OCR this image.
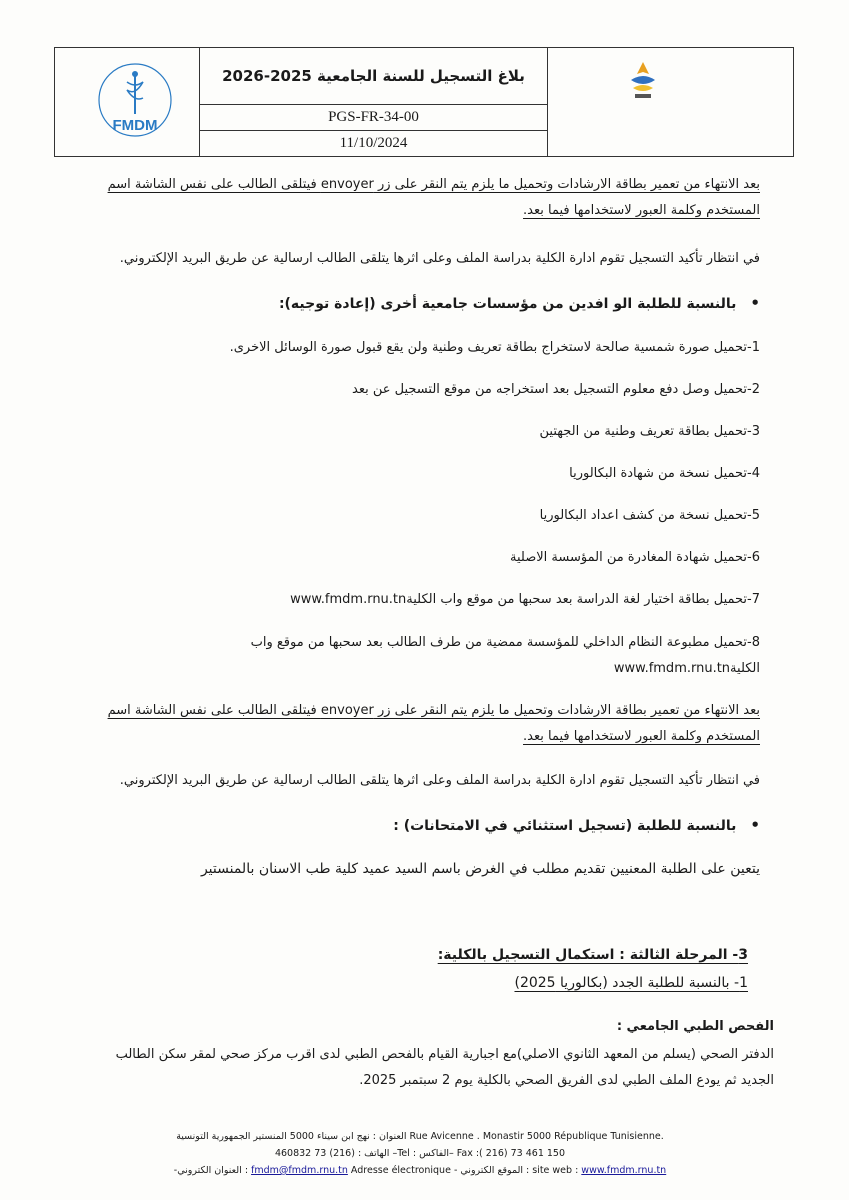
بلاغ التسجيل للسنة الجامعية 2025-2026
PGS-FR-34-00
11/10/2024
FMDM

بعد الانتهاء من تعمير بطاقة الارشادات وتحميل ما يلزم يتم النقر على زر envoyer فيتلقى الطالب على نفس الشاشة اسم

المستخدم وكلمة العبور لاستخدامها فيما بعد.

في انتظار تأكيد التسجيل تقوم ادارة الكلية بدراسة الملف وعلى اثرها يتلقى الطالب ارسالية عن طريق البريد الإلكتروني.

• بالنسبة للطلبة الو افدين من مؤسسات جامعية أخرى (إعادة توجيه):

1-تحميل صورة شمسية صالحة لاستخراج بطاقة تعريف وطنية ولن يقع قبول صورة الوسائل الاخرى.

2-تحميل وصل دفع معلوم التسجيل بعد استخراجه من موقع التسجيل عن بعد

3-تحميل بطاقة تعريف وطنية من الجهتين

4-تحميل نسخة من شهادة البكالوريا

5-تحميل نسخة من كشف اعداد البكالوريا

6-تحميل شهادة المغادرة من المؤسسة الاصلية

7-تحميل بطاقة اختيار لغة الدراسة بعد سحبها من موقع واب الكليةwww.fmdm.rnu.tn

8-تحميل مطبوعة النظام الداخلي للمؤسسة ممضية من طرف الطالب بعد سحبها من موقع واب

الكليةwww.fmdm.rnu.tn

بعد الانتهاء من تعمير بطاقة الارشادات وتحميل ما يلزم يتم النقر على زر envoyer فيتلقى الطالب على نفس الشاشة اسم

المستخدم وكلمة العبور لاستخدامها فيما بعد.

في انتظار تأكيد التسجيل تقوم ادارة الكلية بدراسة الملف وعلى اثرها يتلقى الطالب ارسالية عن طريق البريد الإلكتروني.

• بالنسبة للطلبة (تسجيل استثنائي في الامتحانات) :

يتعين على الطلبة المعنيين تقديم مطلب في الغرض باسم السيد عميد كلية طب الاسنان بالمنستير

3- المرحلة الثالثة : استكمال التسجيل بالكلية:

1- بالنسبة للطلبة الجدد (بكالوريا 2025)

الفحص الطبي الجامعي :

الدفتر الصحي (يسلم من المعهد الثانوي الاصلي)مع اجبارية القيام بالفحص الطبي لدى اقرب مركز صحي لمقر سكن الطالب

الجديد ثم يودع الملف الطبي لدى الفريق الصحي بالكلية يوم 2 سبتمبر 2025.

العنوان : نهج ابن سيناء 5000 المنستير الجمهورية التونسية Rue Avicenne . Monastir 5000 République Tunisienne.
الهاتف : (216) 73 460832 –Tel : الفاكس– Fax :( 216) 73 461 150
-العنوان الكتروني : fmdm@fmdm.rnu.tn Adresse électronique - الموقع الكتروني : site web : www.fmdm.rnu.tn
